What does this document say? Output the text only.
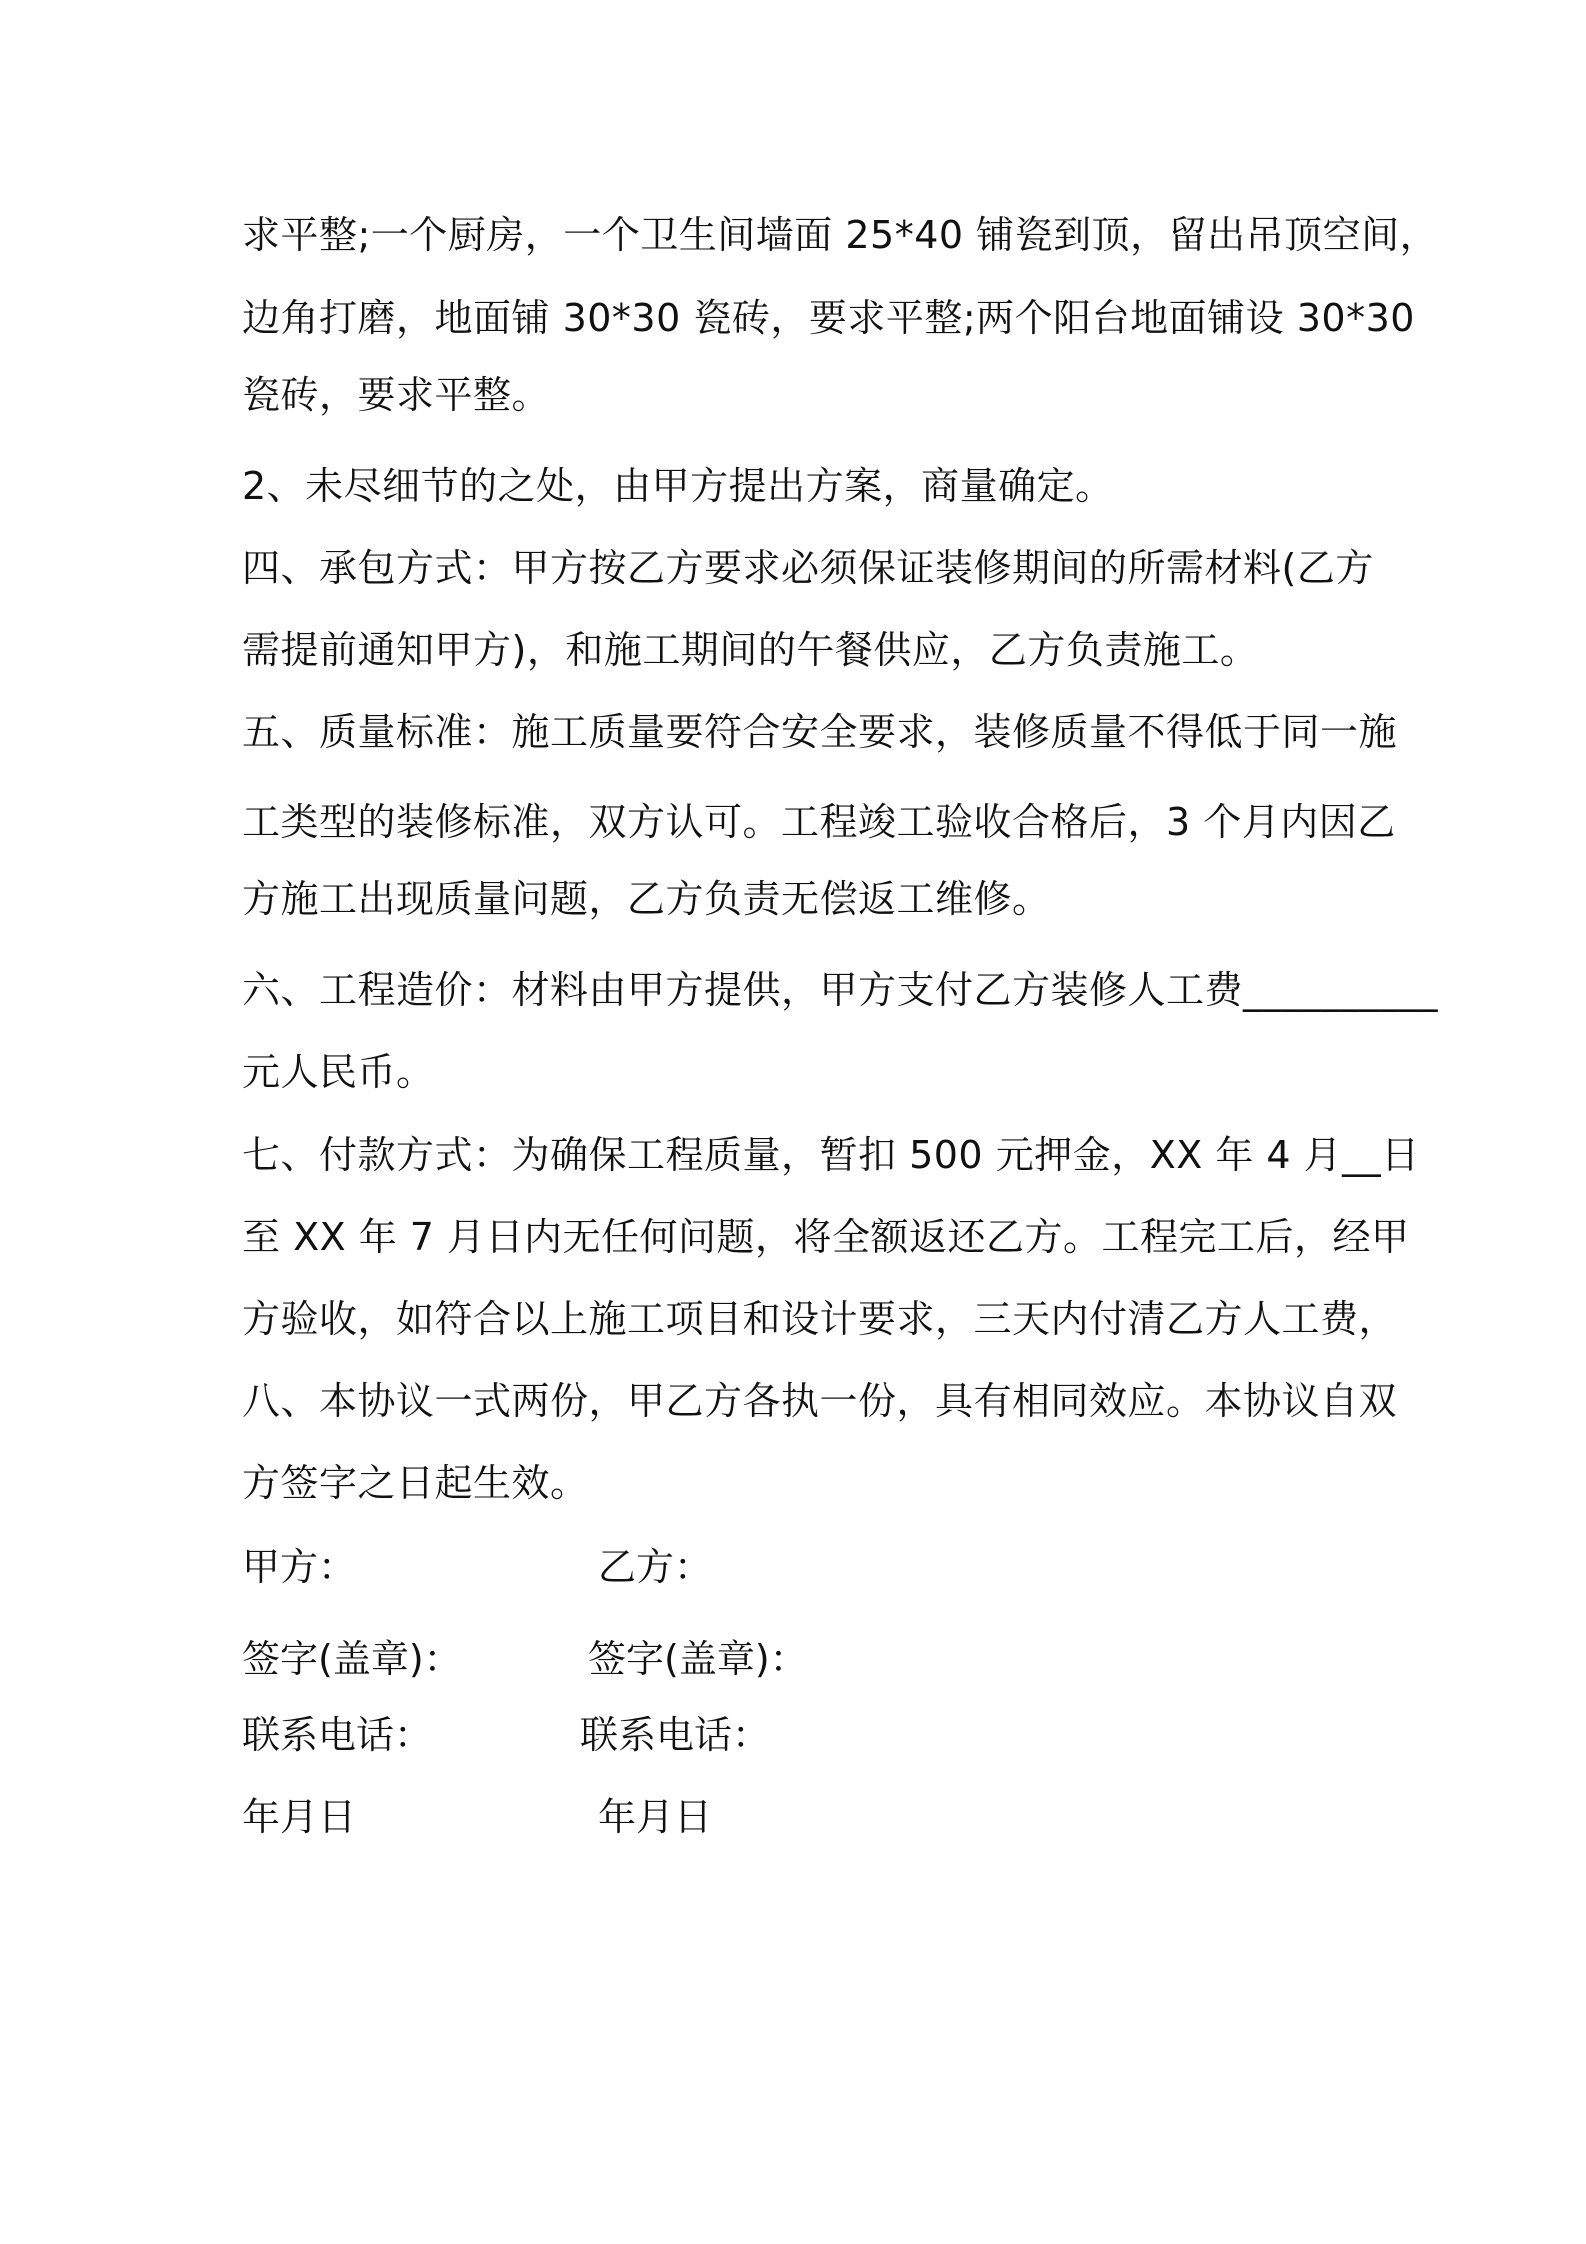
求平整;一个厨房，一个卫生间墙面 25*40 铺瓷到顶，留出吊顶空间，
边角打磨，地面铺 30*30 瓷砖，要求平整;两个阳台地面铺设 30*30
瓷砖，要求平整。
2、未尽细节的之处，由甲方提出方案，商量确定。
四、承包方式：甲方按乙方要求必须保证装修期间的所需材料(乙方
需提前通知甲方)，和施工期间的午餐供应，乙方负责施工。
五、质量标准：施工质量要符合安全要求，装修质量不得低于同一施
工类型的装修标准，双方认可。工程竣工验收合格后，3 个月内因乙
方施工出现质量问题，乙方负责无偿返工维修。
六、工程造价：材料由甲方提供，甲方支付乙方装修人工费__________
元人民币。
七、付款方式：为确保工程质量，暂扣 500 元押金，XX 年 4 月__日
至 XX 年 7 月日内无任何问题，将全额返还乙方。工程完工后，经甲
方验收，如符合以上施工项目和设计要求，三天内付清乙方人工费，
八、本协议一式两份，甲乙方各执一份，具有相同效应。本协议自双
方签字之日起生效。
甲方：
签字(盖章)：
联系电话：
年月日
乙方：
签字(盖章)：
联系电话：
年月日
